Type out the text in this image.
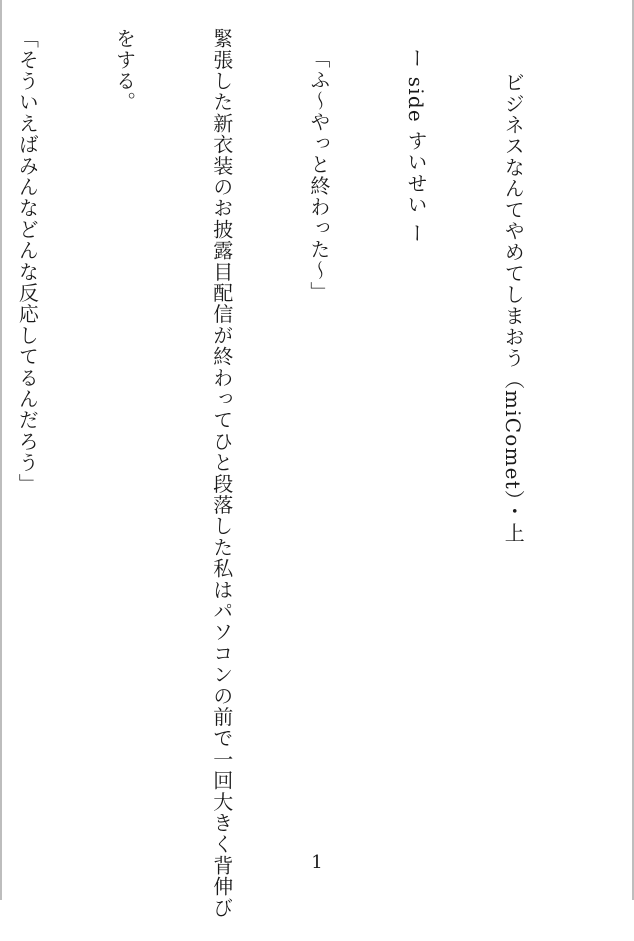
ビジネスなんてやめてしまおう（miComet）・上

ー side すいせい ー

「ふ～やっと終わった～」

緊張した新衣装のお披露目配信が終わってひと段落した私はパソコンの前で一回大きく背伸び

をする。

「そういえばみんなどんな反応してるんだろう」

1
